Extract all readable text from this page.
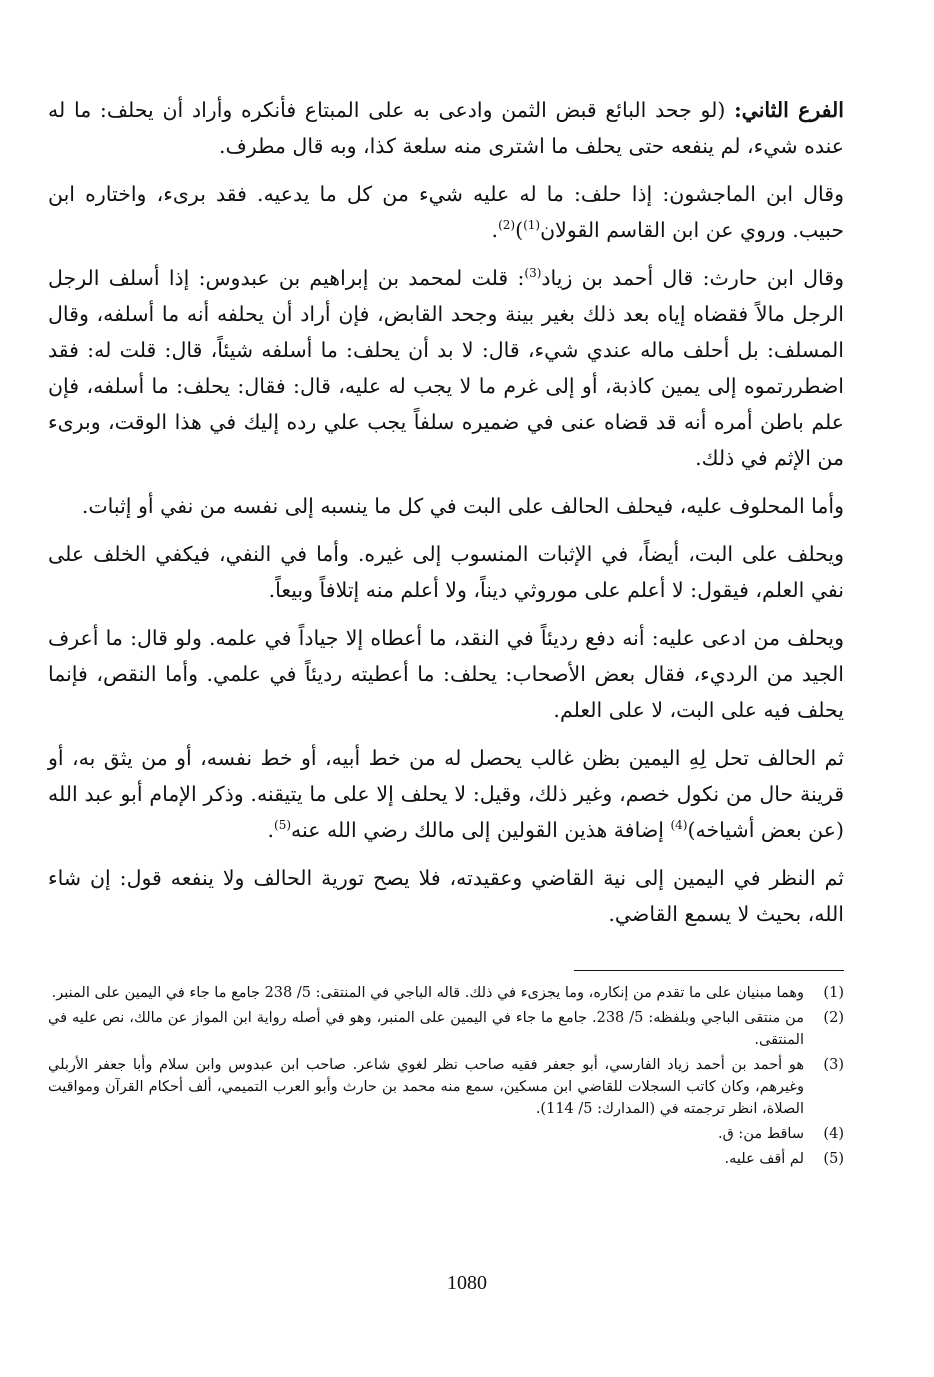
الفرع الثاني: (لو جحد البائع قبض الثمن وادعى به على المبتاع فأنكره وأراد أن يحلف: ما له عنده شيء، لم ينفعه حتى يحلف ما اشترى منه سلعة كذا، وبه قال مطرف.

وقال ابن الماجشون: إذا حلف: ما له عليه شيء من كل ما يدعيه. فقد برىء، واختاره ابن حبيب. وروي عن ابن القاسم القولان$^{(1)}$)$^{(2)}$.

وقال ابن حارث: قال أحمد بن زياد$^{(3)}$: قلت لمحمد بن إبراهيم بن عبدوس: إذا أسلف الرجل الرجل مالاً فقضاه إياه بعد ذلك بغير بينة وجحد القابض، فإن أراد أن يحلفه أنه ما أسلفه، وقال المسلف: بل أحلف ماله عندي شيء، قال: لا بد أن يحلف: ما أسلفه شيئاً، قال: قلت له: فقد اضطررتموه إلى يمين كاذبة، أو إلى غرم ما لا يجب له عليه، قال: فقال: يحلف: ما أسلفه، فإن علم باطن أمره أنه قد قضاه عنى في ضميره سلفاً يجب علي رده إليك في هذا الوقت، وبرىء من الإثم في ذلك.

وأما المحلوف عليه، فيحلف الحالف على البت في كل ما ينسبه إلى نفسه من نفي أو إثبات.

ويحلف على البت، أيضاً، في الإثبات المنسوب إلى غيره. وأما في النفي، فيكفي الخلف على نفي العلم، فيقول: لا أعلم على موروثي ديناً، ولا أعلم منه إتلافاً وبيعاً.

ويحلف من ادعى عليه: أنه دفع رديئاً في النقد، ما أعطاه إلا جياداً في علمه. ولو قال: ما أعرف الجيد من الرديء، فقال بعض الأصحاب: يحلف: ما أعطيته رديئاً في علمي. وأما النقص، فإنما يحلف فيه على البت، لا على العلم.

ثم الحالف تحل لِهِ اليمين بظن غالب يحصل له من خط أبيه، أو خط نفسه، أو من يثق به، أو قرينة حال من نكول خصم، وغير ذلك، وقيل: لا يحلف إلا على ما يتيقنه. وذكر الإمام أبو عبد الله (عن بعض أشياخه)$^{(4)}$ إضافة هذين القولين إلى مالك رضي الله عنه$^{(5)}$.

ثم النظر في اليمين إلى نية القاضي وعقيدته، فلا يصح تورية الحالف ولا ينفعه قول: إن شاء الله، بحيث لا يسمع القاضي.

(1)
وهما مبنيان على ما تقدم من إنكاره، وما يجزىء في ذلك. قاله الباجي في المنتقى: 5/ 238 جامع ما جاء في اليمين على المنبر.
(2)
من منتقى الباجي وبلفظه: 5/ 238. جامع ما جاء في اليمين على المنبر، وهو في أصله رواية ابن المواز عن مالك، نص عليه في المنتقى.
(3)
هو أحمد بن أحمد زياد الفارسي، أبو جعفر فقيه صاحب نظر لغوي شاعر. صاحب ابن عبدوس وابن سلام وأبا جعفر الأربلي وغيرهم، وكان كاتب السجلات للقاضي ابن مسكين، سمع منه محمد بن حارث وأبو العرب التميمي، ألف أحكام القرآن ومواقيت الصلاة، انظر ترجمته في (المدارك: 5/ 114).
(4)
ساقط من: ق.
(5)
لم أقف عليه.
1080
